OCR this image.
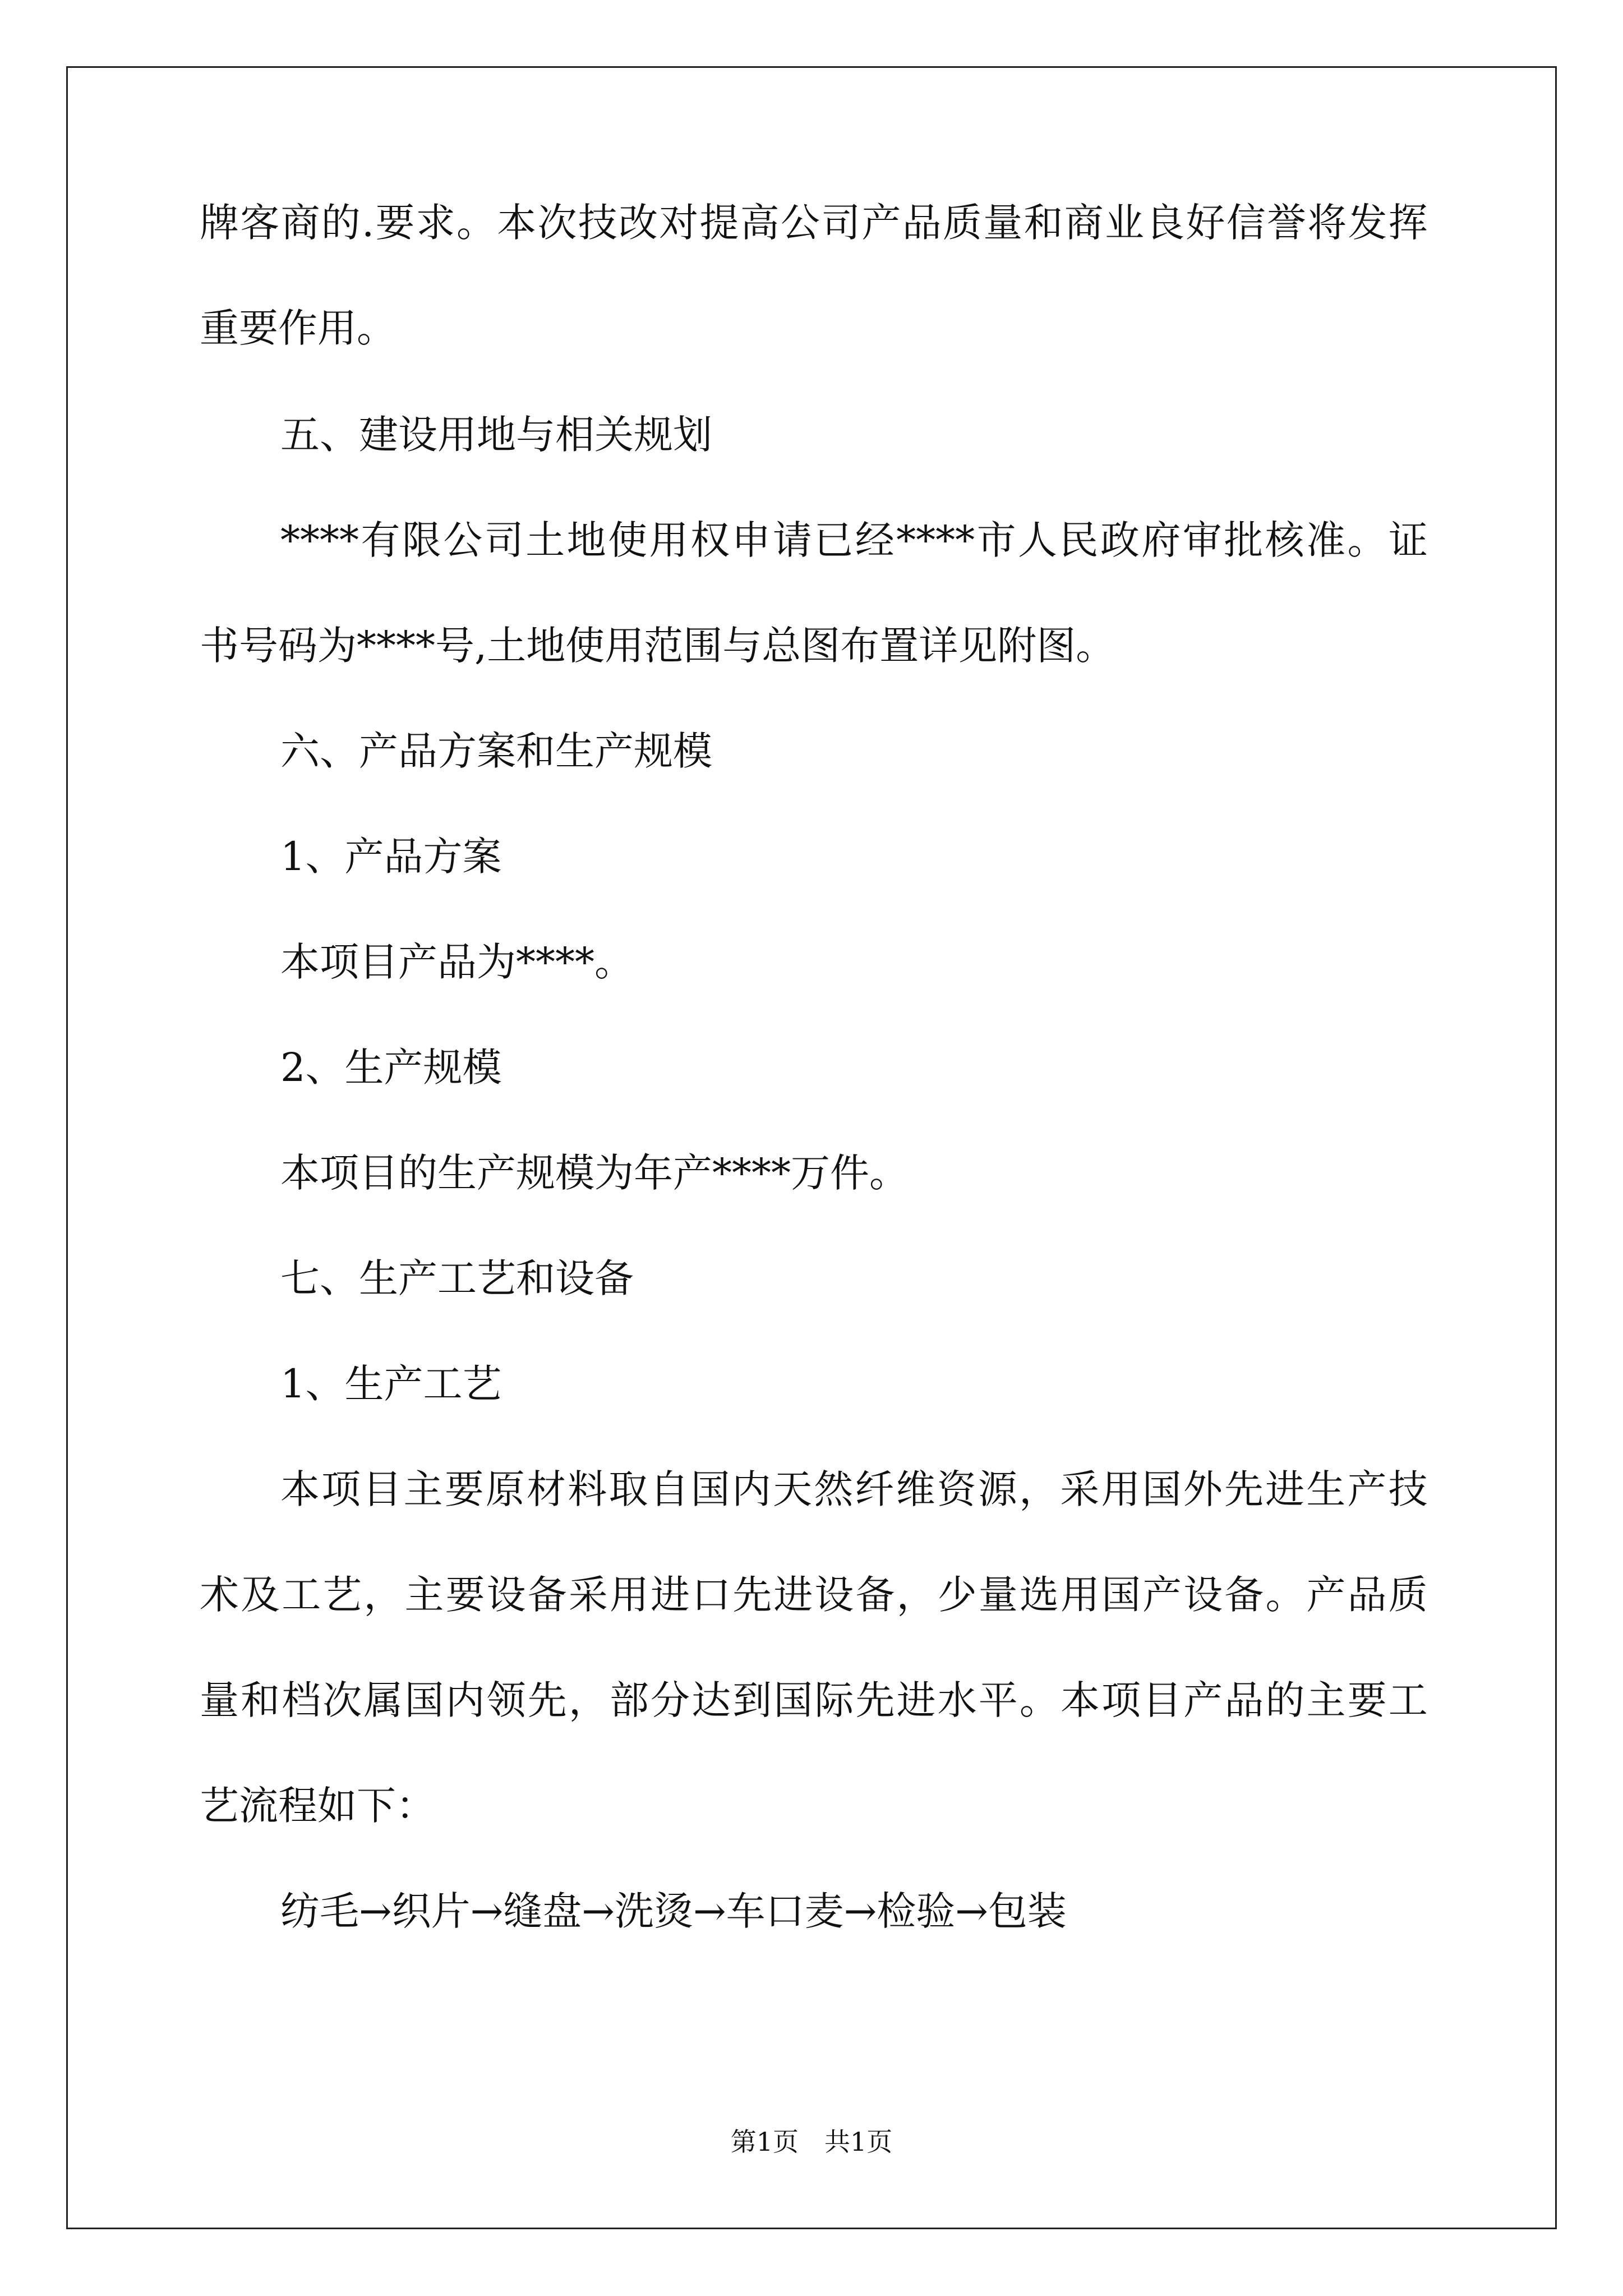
牌 客 商 的 . 要 求 。 本 次 技 改 对 提 高 公 司 产 品 质 量 和 商 业 良 好 信 誉 将 发 挥
重要作用。
五、建设用地与相关规划
**** 有 限 公 司 土 地 使 用 权 申 请 已 经 **** 市 人 民 政 府 审 批 核 准 。 证
书号码为****号,土地使用范围与总图布置详见附图。
六、产品方案和生产规模
1、产品方案
本项目产品为****。
2、生产规模
本项目的生产规模为年产****万件。
七、生产工艺和设备
1、生产工艺
本 项 目 主 要 原 材 料 取 自 国 内 天 然 纤 维 资 源 ， 采 用 国 外 先 进 生 产 技
术 及 工 艺 ， 主 要 设 备 采 用 进 口 先 进 设 备 ， 少 量 选 用 国 产 设 备 。 产 品 质
量 和 档 次 属 国 内 领 先 ， 部 分 达 到 国 际 先 进 水 平 。 本 项 目 产 品 的 主 要 工
艺流程如下：
纺毛→织片→缝盘→洗烫→车口麦→检验→包装
第1页　共1页
